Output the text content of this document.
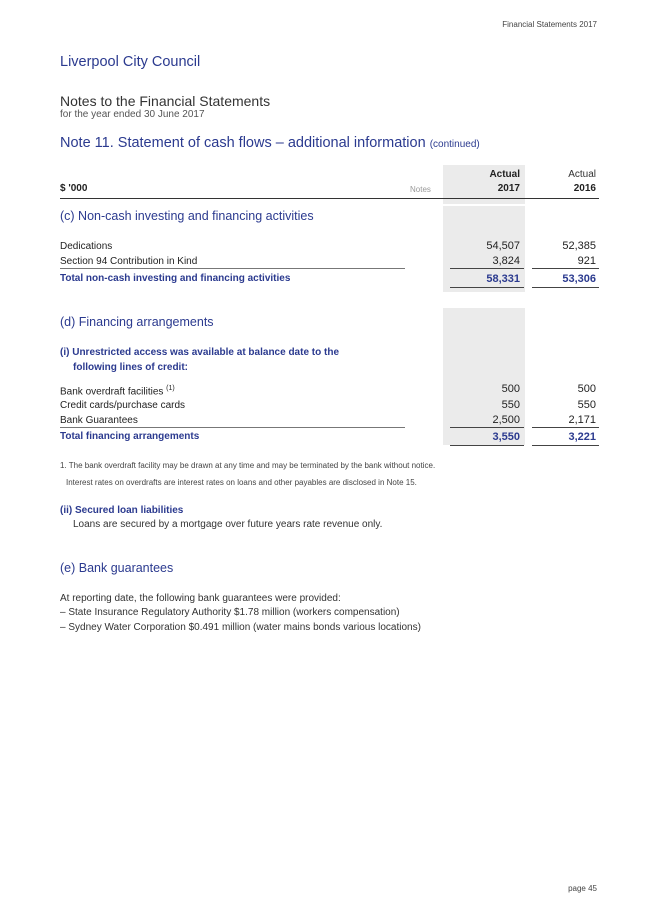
Financial Statements 2017
Liverpool City Council
Notes to the Financial Statements
for the year ended 30 June 2017
Note 11. Statement of cash flows – additional information (continued)
Actual	Actual
$ '000	Notes	2017	2016
(c) Non-cash investing and financing activities
Dedications	54,507	52,385
Section 94 Contribution in Kind	3,824	921
Total non-cash investing and financing activities	58,331	53,306
(d) Financing arrangements
(i) Unrestricted access was available at balance date to the
following lines of credit:
Bank overdraft facilities $^{(1)}$	500	500
Credit cards/purchase cards	550	550
Bank Guarantees	2,500	2,171
Total financing arrangements	3,550	3,221
1. The bank overdraft facility may be drawn at any time and may be terminated by the bank without notice.
Interest rates on overdrafts are interest rates on loans and other payables are disclosed in Note 15.
(ii) Secured loan liabilities
Loans are secured by a mortgage over future years rate revenue only.
(e) Bank guarantees
At reporting date, the following bank guarantees were provided:
– State Insurance Regulatory Authority $1.78 million (workers compensation)
– Sydney Water Corporation $0.491 million (water mains bonds various locations)
page 45
